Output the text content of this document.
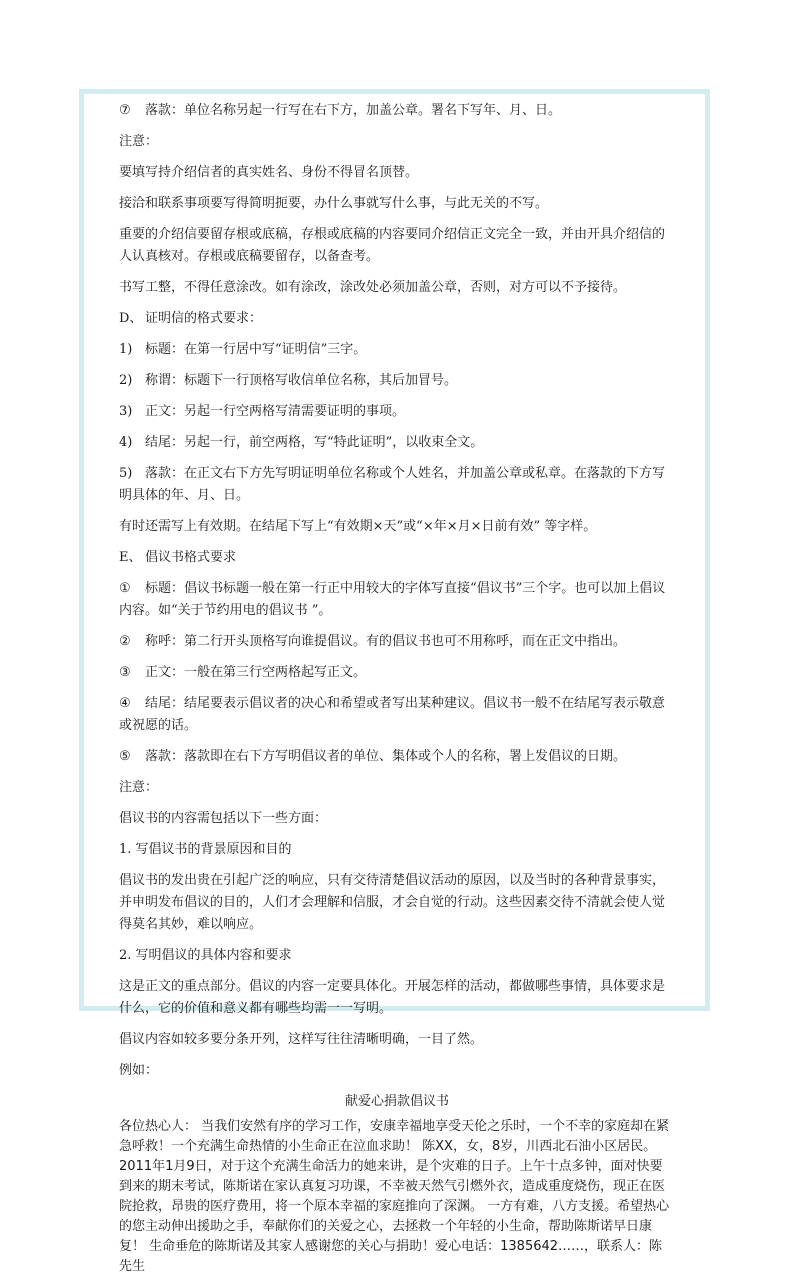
⑦ 落款：单位名称另起一行写在右下方，加盖公章。署名下写年、月、日。

注意：

要填写持介绍信者的真实姓名、身份不得冒名顶替。

接洽和联系事项要写得简明扼要，办什么事就写什么事，与此无关的不写。

重要的介绍信要留存根或底稿，存根或底稿的内容要同介绍信正文完全一致，并由开具介绍信的人认真核对。存根或底稿要留存，以备查考。

书写工整，不得任意涂改。如有涂改，涂改处必须加盖公章，否则，对方可以不予接待。

D、 证明信的格式要求：

1) 标题：在第一行居中写“证明信”三字。

2) 称谓：标题下一行顶格写收信单位名称，其后加冒号。

3) 正文：另起一行空两格写清需要证明的事项。

4) 结尾：另起一行，前空两格，写“特此证明”，以收束全文。

5) 落款：在正文右下方先写明证明单位名称或个人姓名，并加盖公章或私章。在落款的下方写明具体的年、月、日。

有时还需写上有效期。在结尾下写上“有效期×天”或“×年×月×日前有效” 等字样。

E、 倡议书格式要求

① 标题：倡议书标题一般在第一行正中用较大的字体写直接“倡议书”三个字。也可以加上倡议内容。如“关于节约用电的倡议书 ”。

② 称呼：第二行开头顶格写向谁提倡议。有的倡议书也可不用称呼，而在正文中指出。

③ 正文：一般在第三行空两格起写正文。

④ 结尾：结尾要表示倡议者的决心和希望或者写出某种建议。倡议书一般不在结尾写表示敬意或祝愿的话。

⑤ 落款：落款即在右下方写明倡议者的单位、集体或个人的名称，署上发倡议的日期。

注意：

倡议书的内容需包括以下一些方面：

1. 写倡议书的背景原因和目的

倡议书的发出贵在引起广泛的响应，只有交待清楚倡议活动的原因，以及当时的各种背景事实，并申明发布倡议的目的，人们才会理解和信服，才会自觉的行动。这些因素交待不清就会使人觉得莫名其妙，难以响应。

2. 写明倡议的具体内容和要求

这是正文的重点部分。倡议的内容一定要具体化。开展怎样的活动，都做哪些事情，具体要求是什么，它的价值和意义都有哪些均需一一写明。

倡议内容如较多要分条开列，这样写往往清晰明确，一目了然。

例如：

献爱心捐款倡议书

各位热心人： 当我们安然有序的学习工作，安康幸福地享受天伦之乐时，一个不幸的家庭却在紧急呼救！一个充满生命热情的小生命正在泣血求助！ 陈XX，女，8岁，川西北石油小区居民。2011年1月9日，对于这个充满生命活力的她来讲，是个灾难的日子。上午十点多钟，面对快要到来的期末考试，陈斯诺在家认真复习功课，不幸被天然气引燃外衣，造成重度烧伤，现正在医院抢救，昂贵的医疗费用，将一个原本幸福的家庭推向了深渊。 一方有难，八方支援。希望热心的您主动伸出援助之手，奉献你们的关爱之心，去拯救一个年轻的小生命，帮助陈斯诺早日康复！ 生命垂危的陈斯诺及其家人感谢您的关心与捐助！爱心电话：1385642……，联系人：陈先生
